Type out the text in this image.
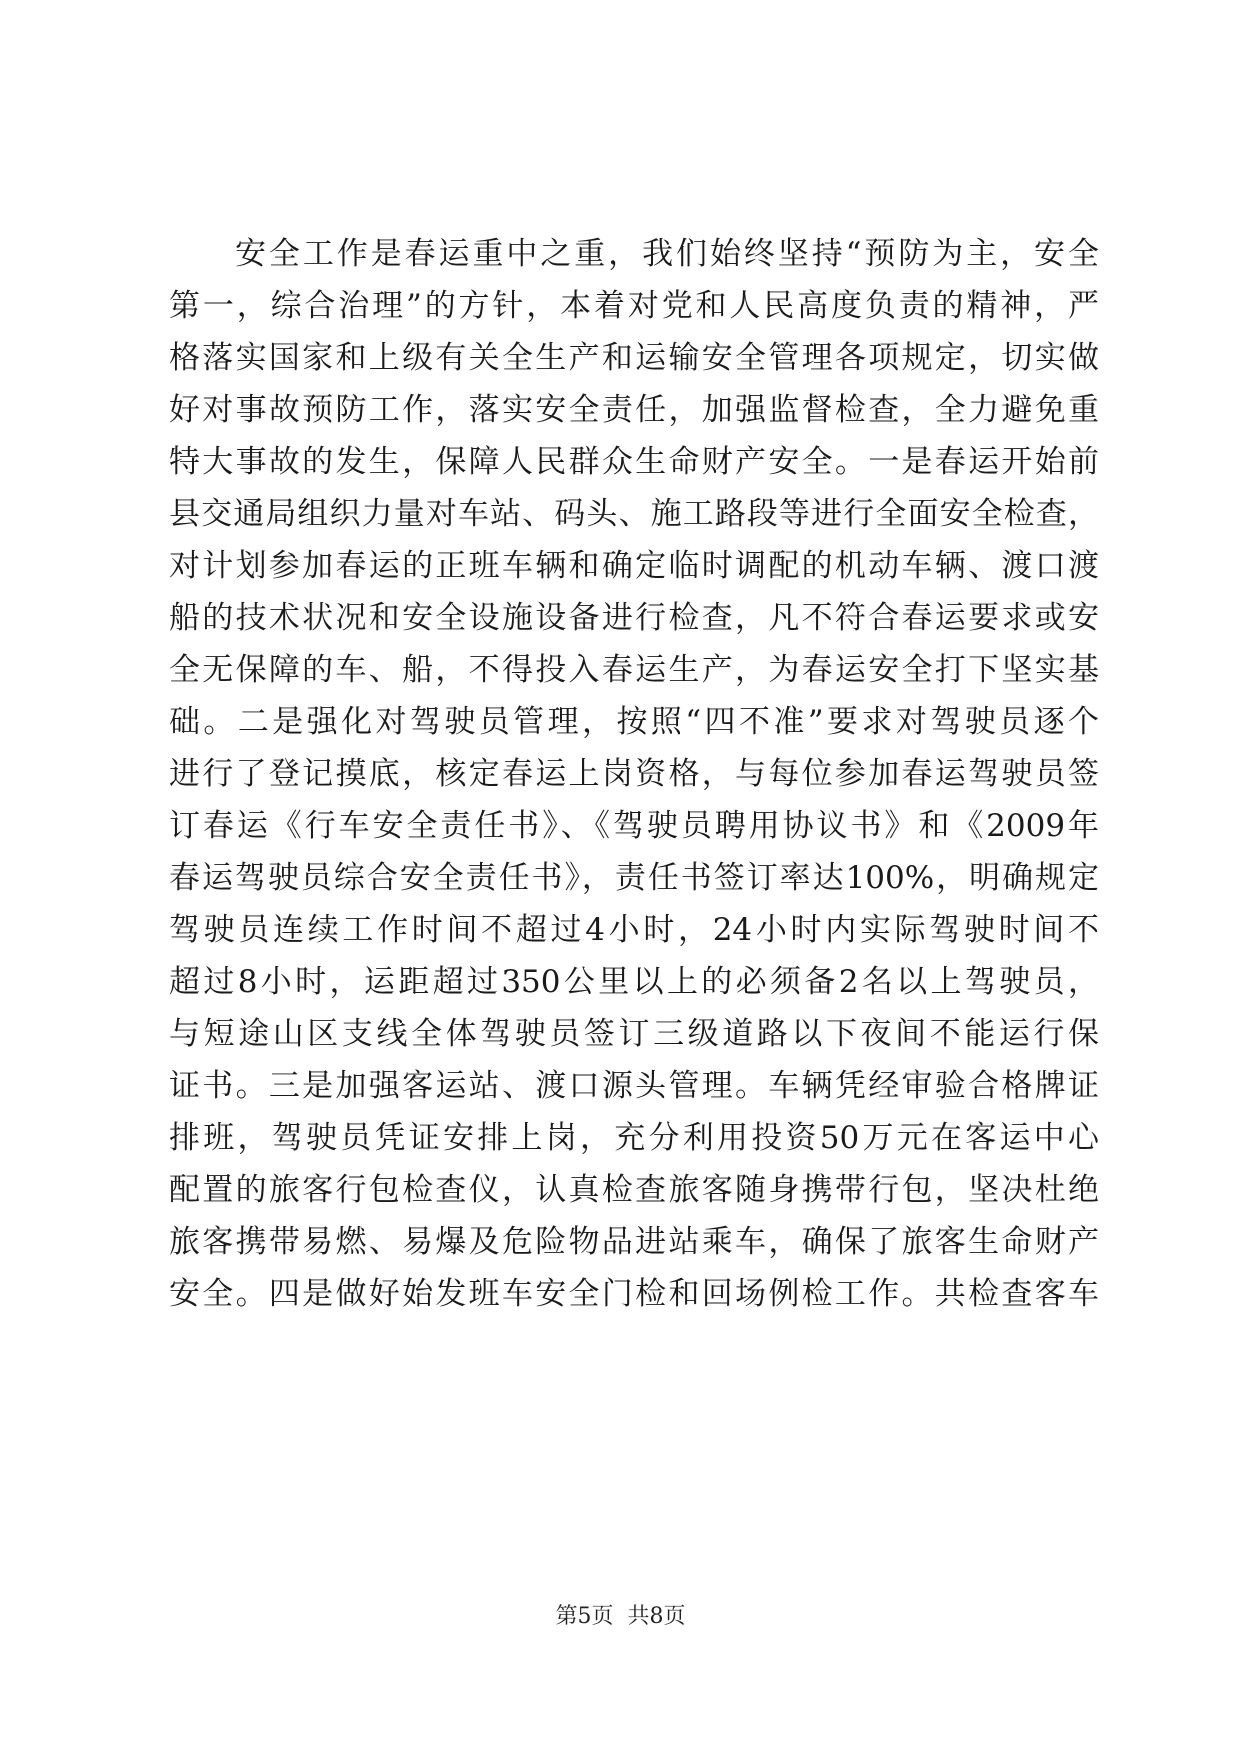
安全工作是春运重中之重，我们始终坚持“预防为主，安全
第一，综合治理”的方针，本着对党和人民高度负责的精神，严
格落实国家和上级有关全生产和运输安全管理各项规定，切实做
好对事故预防工作，落实安全责任，加强监督检查，全力避免重
特大事故的发生，保障人民群众生命财产安全。一是春运开始前
县交通局组织力量对车站、码头、施工路段等进行全面安全检查，
对计划参加春运的正班车辆和确定临时调配的机动车辆、渡口渡
船的技术状况和安全设施设备进行检查，凡不符合春运要求或安
全无保障的车、船，不得投入春运生产，为春运安全打下坚实基
础。二是强化对驾驶员管理，按照“四不准”要求对驾驶员逐个
进行了登记摸底，核定春运上岗资格，与每位参加春运驾驶员签
订春运《行车安全责任书》、《驾驶员聘用协议书》和《2009年
春运驾驶员综合安全责任书》，责任书签订率达100%，明确规定
驾驶员连续工作时间不超过4小时，24小时内实际驾驶时间不
超过8小时，运距超过350公里以上的必须备2名以上驾驶员，
与短途山区支线全体驾驶员签订三级道路以下夜间不能运行保
证书。三是加强客运站、渡口源头管理。车辆凭经审验合格牌证
排班，驾驶员凭证安排上岗，充分利用投资50万元在客运中心
配置的旅客行包检查仪，认真检查旅客随身携带行包，坚决杜绝
旅客携带易燃、易爆及危险物品进站乘车，确保了旅客生命财产
安全。四是做好始发班车安全门检和回场例检工作。共检查客车
第5页  共8页
